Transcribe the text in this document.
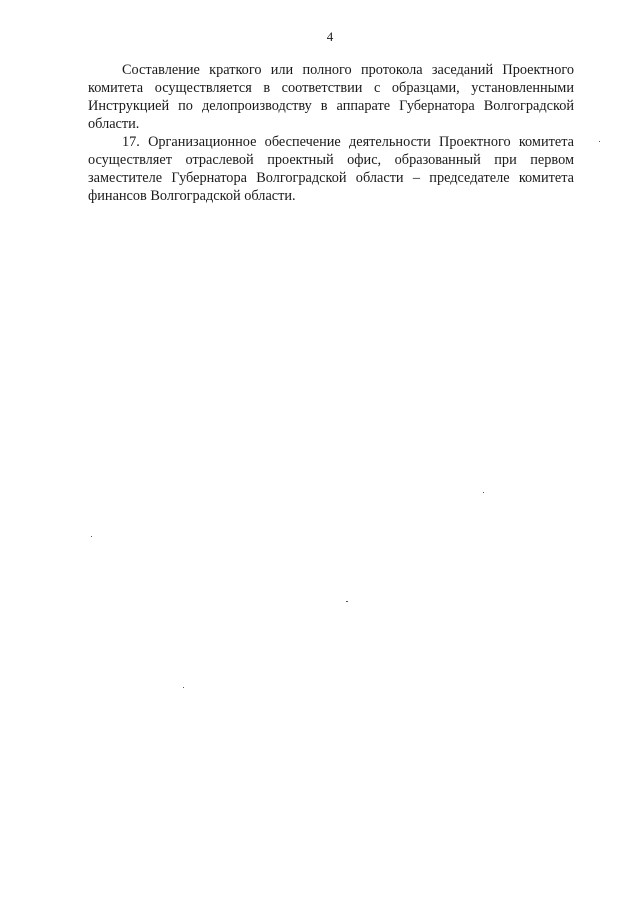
4

Составление краткого или полного протокола заседаний Проектного комитета осуществляется в соответствии с образцами, установленными Инструкцией по делопроизводству в аппарате Губернатора Волгоградской области.

17. Организационное обеспечение деятельности Проектного комитета осуществляет отраслевой проектный офис, образованный при первом заместителе Губернатора Волгоградской области – председателе комитета финансов Волгоградской области.
